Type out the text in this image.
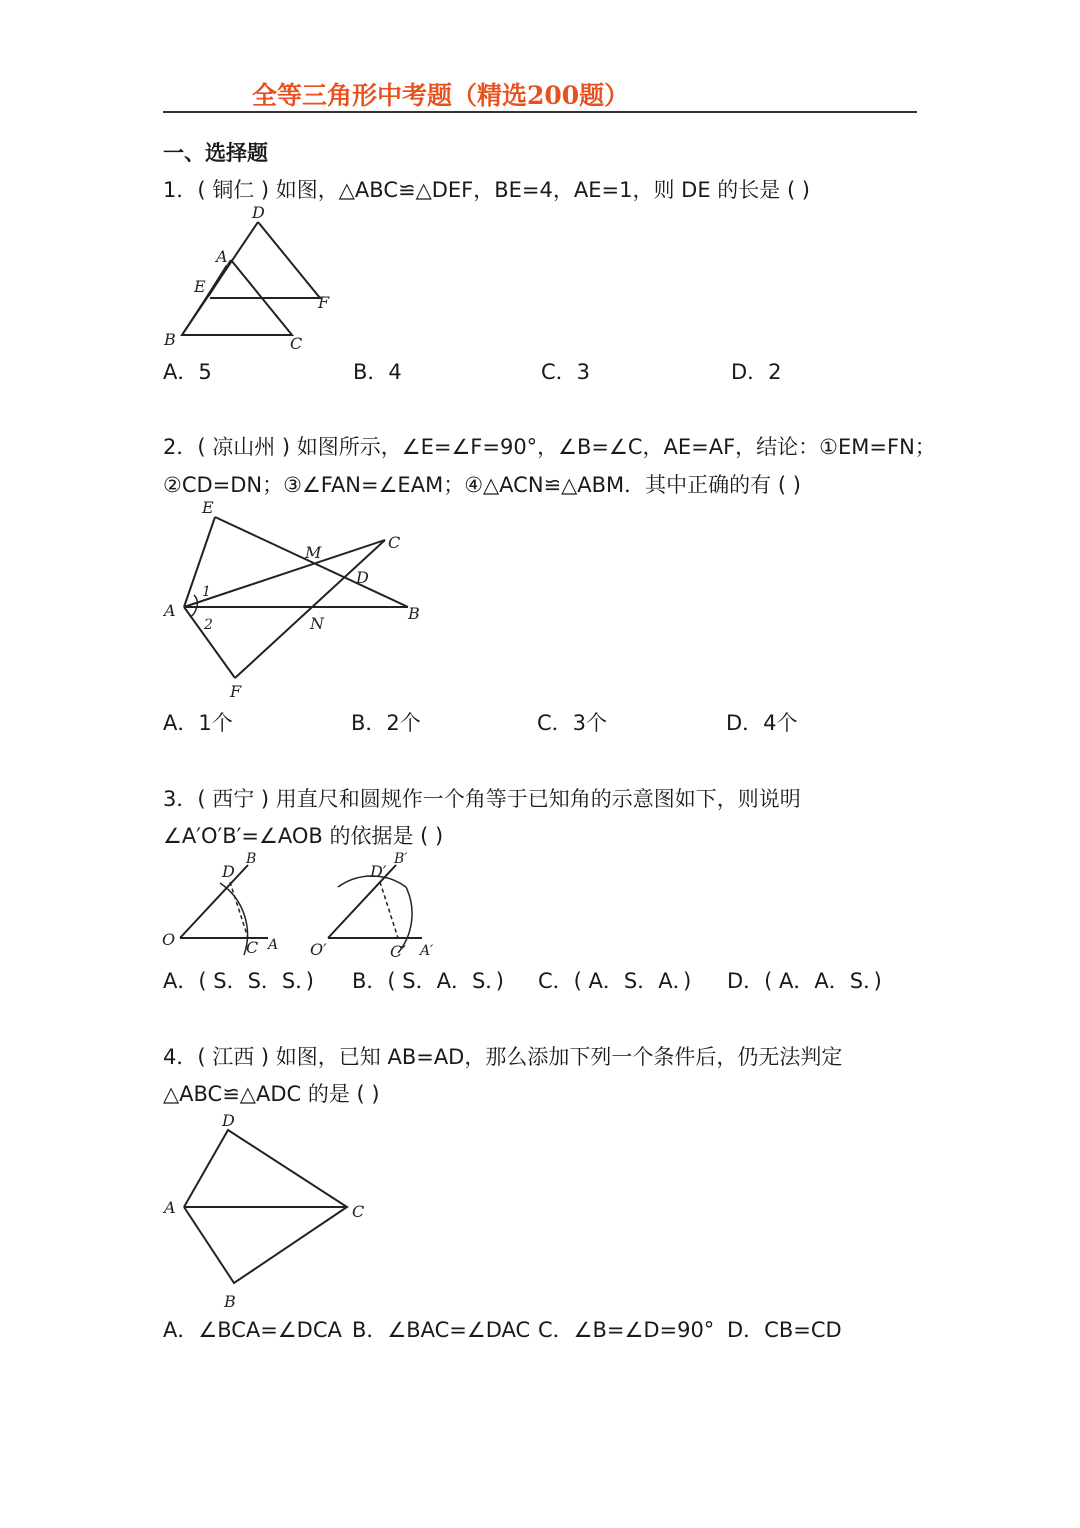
全等三角形中考题（精选200题）
一、选择题
1．( 铜仁 ) 如图，△ABC≌△DEF，BE=4，AE=1，则 DE 的长是 ( )
D
A
E
F
B	C
A．5	B．4	C．3	D．2
2．( 凉山州 ) 如图所示，∠E=∠F=90°，∠B=∠C，AE=AF，结论：①EM=FN；
②CD=DN；③∠FAN=∠EAM；④△ACN≌△ABM．其中正确的有 ( )
E
C
M
D
1
A
2	N
B
F
A．1个	B．2个	C．3个	D．4个
3．( 西宁 ) 用直尺和圆规作一个角等于已知角的示意图如下，则说明
∠A′O′B′=∠AOB 的依据是 ( )
D
B
O	C A
D′
B′
O′	C′ A′
A．( S．S．S．) B．( S．A．S．) C．( A．S．A．) D．( A．A．S．)
4．( 江西 ) 如图，已知 AB=AD，那么添加下列一个条件后，仍无法判定
△ABC≌△ADC 的是 ( )
D
A	C
B
A．∠BCA=∠DCA B．∠BAC=∠DAC C．∠B=∠D=90° D．CB=CD
